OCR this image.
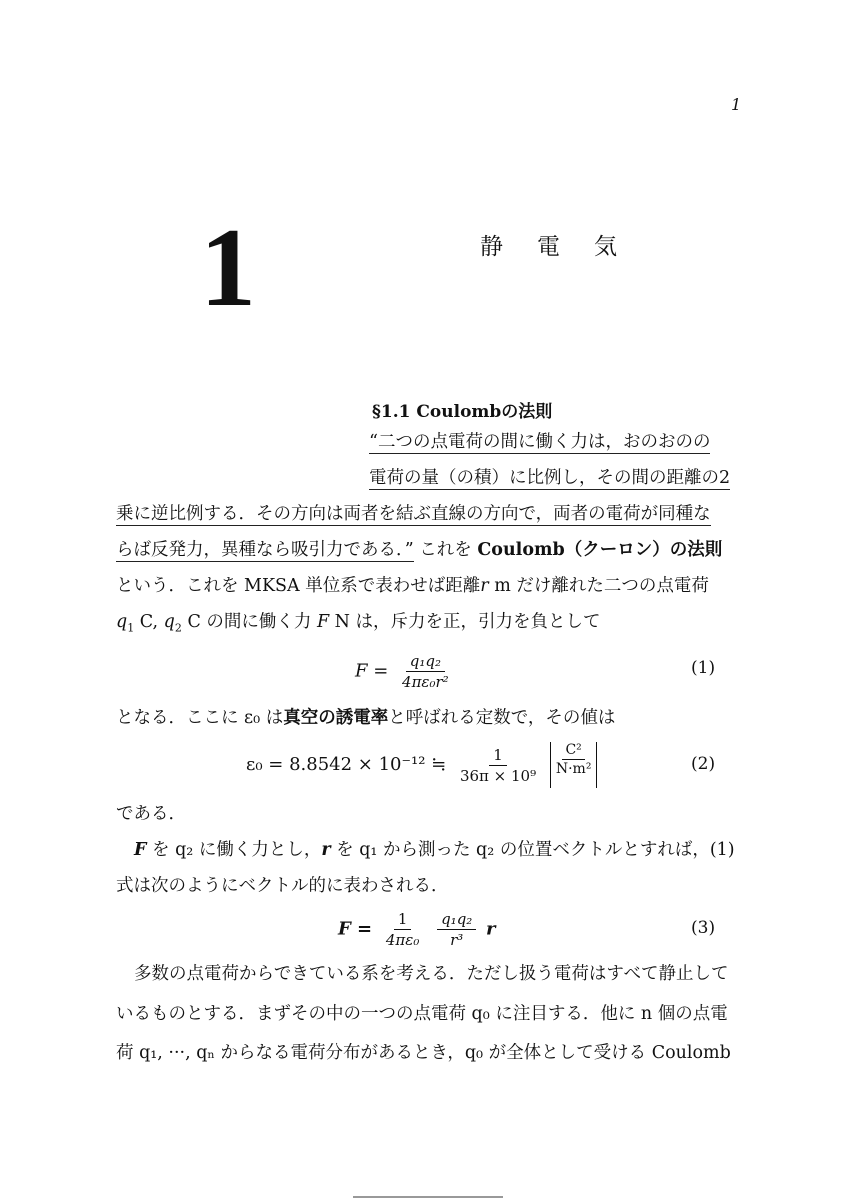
1
1	静電気
§1.1 Coulombの法則
“二つの点電荷の間に働く力は，おのおのの
電荷の量（の積）に比例し，その間の距離の2
乗に逆比例する．その方向は両者を結ぶ直線の方向で，両者の電荷が同種な
らば反発力，異種なら吸引力である．” これを Coulomb（クーロン）の法則
という．これを MKSA 単位系で表わせば距離r m だけ離れた二つの点電荷
$q_1$ C, $q_2$ C の間に働く力 F N は，斥力を正，引力を負として
$F = \frac{\text{q₁q₂}}{\text{4πε₀r²}}$	(1)
となる．ここに ε₀ は真空の誘電率と呼ばれる定数で，その値は
ε₀ = 8.8542 × 10⁻¹² ≒ $\frac{1}{\text{36π × 10⁹}}$
C²
N·m²	(2)
である．
F を q₂ に働く力とし，r を q₁ から測った q₂ の位置ベクトルとすれば，(1)
式は次のようにベクトル的に表わされる．
$F = \frac{1}{\text{4πε₀}}$
$\frac{\text{q₁q₂}}{\text{r³}}$ r	(3)
多数の点電荷からできている系を考える．ただし扱う電荷はすべて静止して
いるものとする．まずその中の一つの点電荷 q₀ に注目する．他に n 個の点電
荷 q₁, ···, qₙ からなる電荷分布があるとき，q₀ が全体として受ける Coulomb
